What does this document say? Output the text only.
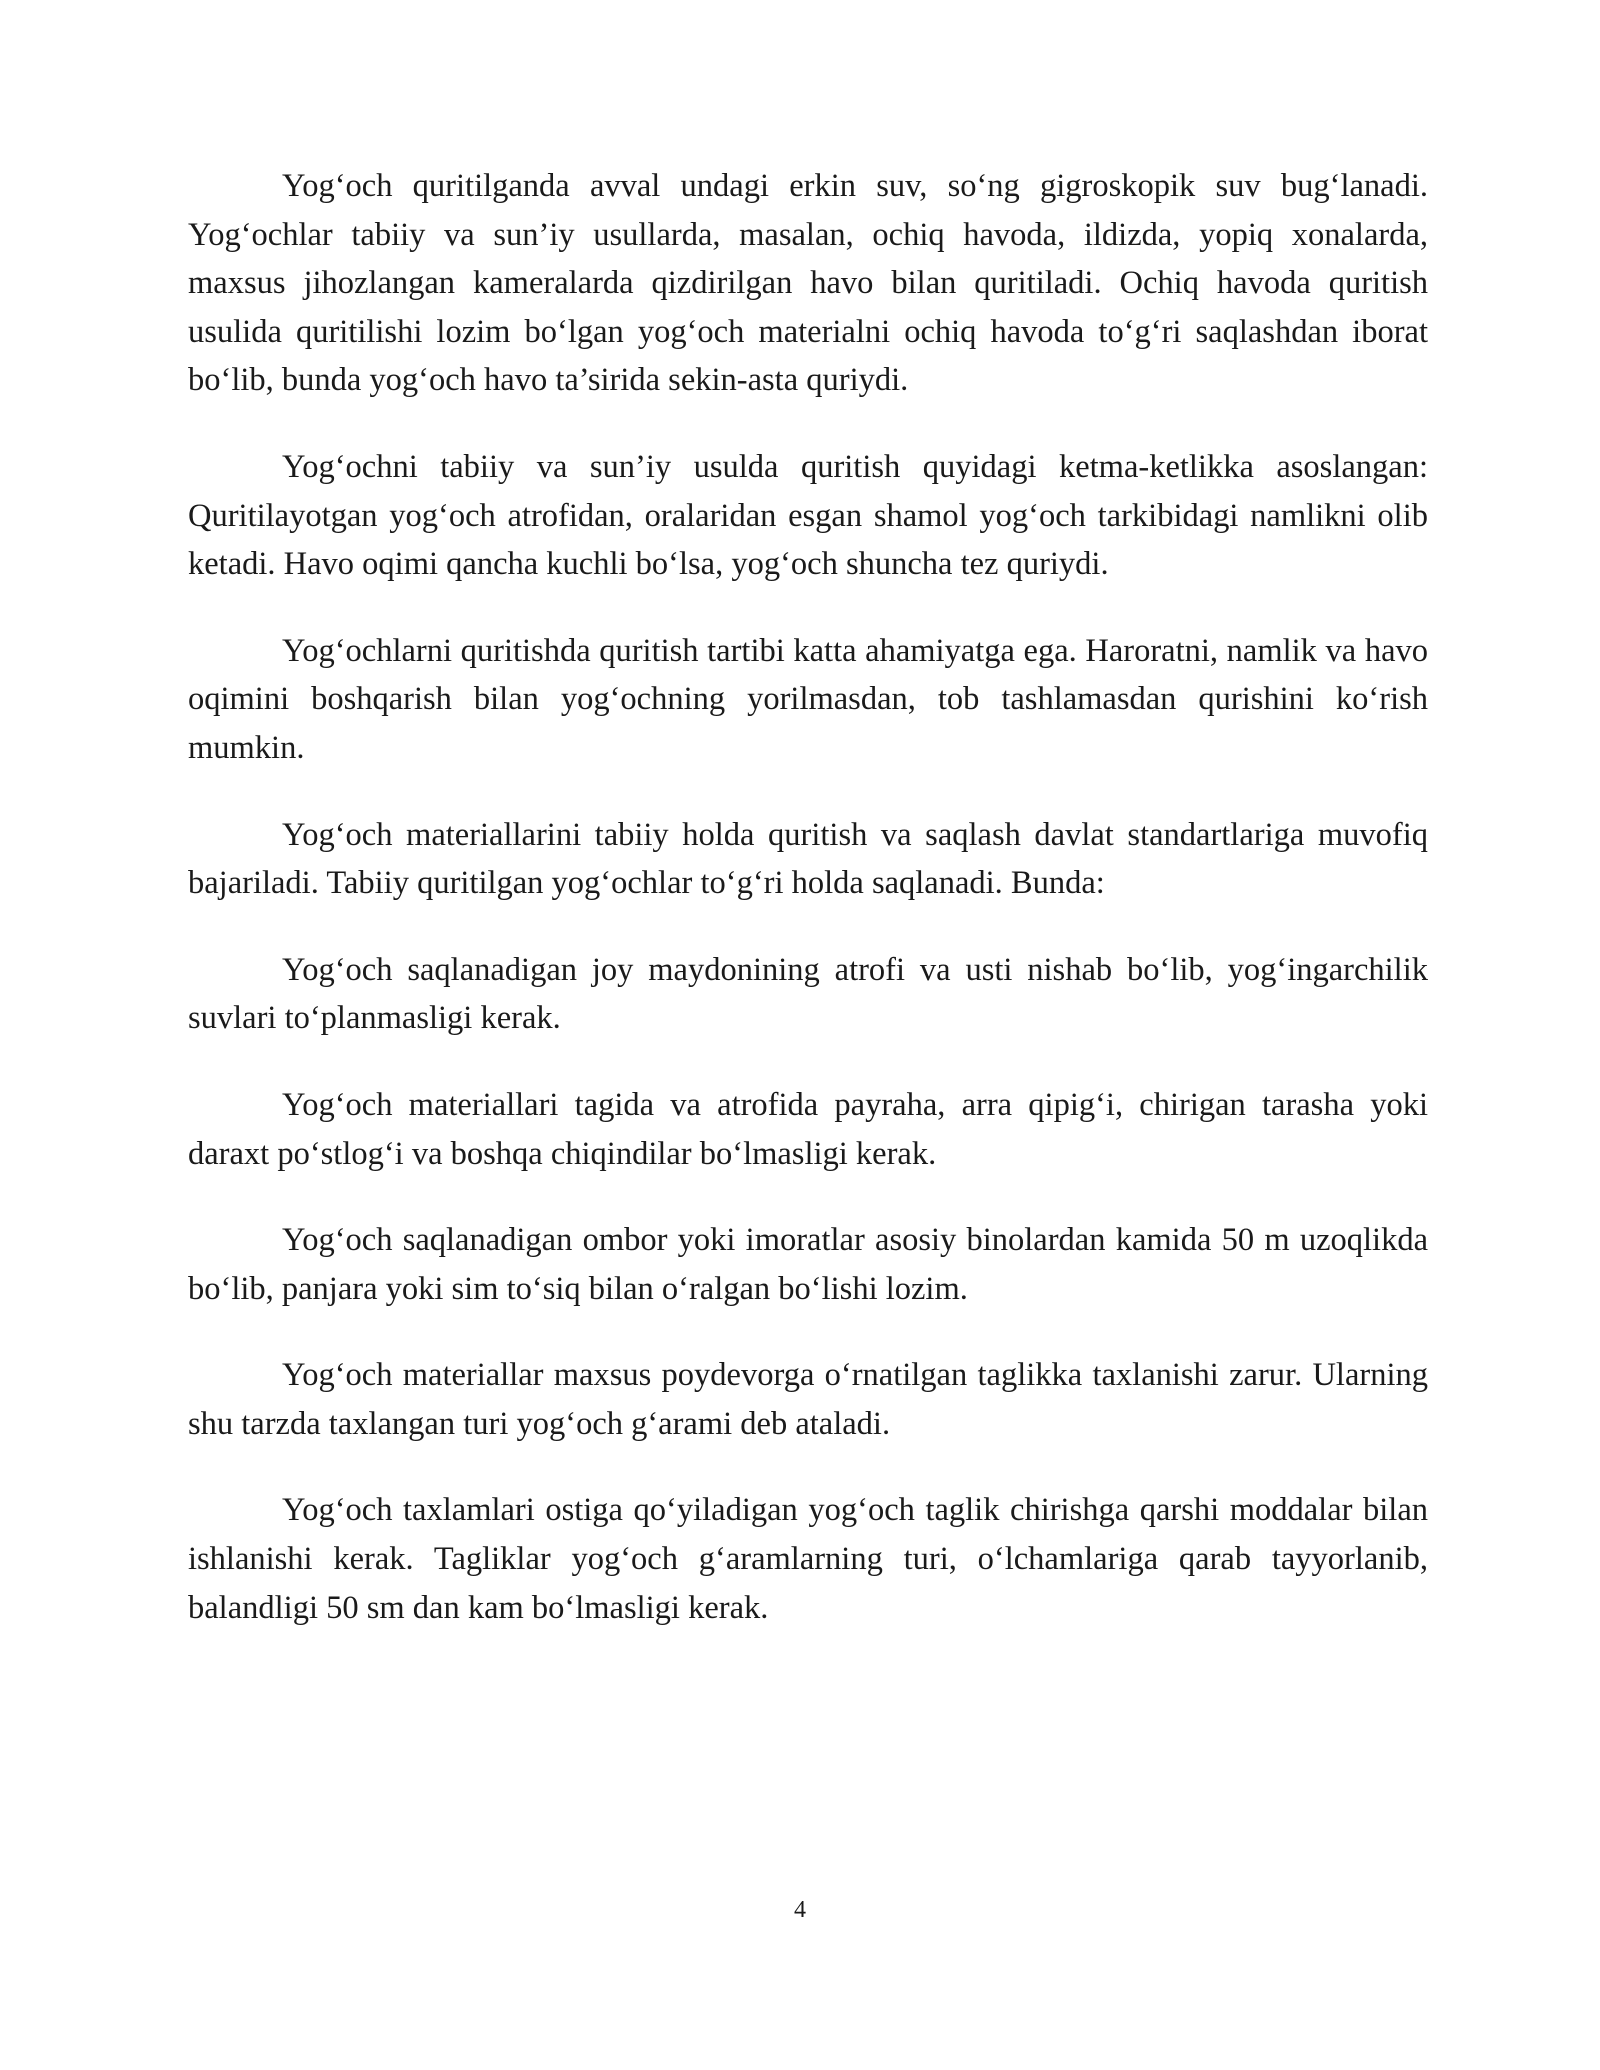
Yog‘och quritilganda avval undagi erkin suv, so‘ng gigroskopik suv bug‘lanadi. Yog‘ochlar tabiiy va sun’iy usullarda, masalan, ochiq havoda, ildizda, yopiq xonalarda, maxsus jihozlangan kameralarda qizdirilgan havo bilan quritiladi. Ochiq havoda quritish usulida quritilishi lozim bo‘lgan yog‘och materialni ochiq havoda to‘g‘ri saqlashdan iborat bo‘lib, bunda yog‘och havo ta’sirida sekin-asta quriydi.

Yog‘ochni tabiiy va sun’iy usulda quritish quyidagi ketma-ketlikka asoslangan: Quritilayotgan yog‘och atrofidan, oralaridan esgan shamol yog‘och tarkibidagi namlikni olib ketadi. Havo oqimi qancha kuchli bo‘lsa, yog‘och shuncha tez quriydi.

Yog‘ochlarni quritishda quritish tartibi katta ahamiyatga ega. Haroratni, namlik va havo oqimini boshqarish bilan yog‘ochning yorilmasdan, tob tashlamasdan qurishini ko‘rish mumkin.

Yog‘och materiallarini tabiiy holda quritish va saqlash davlat standartlariga muvofiq bajariladi. Tabiiy quritilgan yog‘ochlar to‘g‘ri holda saqlanadi. Bunda:

Yog‘och saqlanadigan joy maydonining atrofi va usti nishab bo‘lib, yog‘ingarchilik suvlari to‘planmasligi kerak.

Yog‘och materiallari tagida va atrofida payraha, arra qipig‘i, chirigan tarasha yoki daraxt po‘stlog‘i va boshqa chiqindilar bo‘lmasligi kerak.

Yog‘och saqlanadigan ombor yoki imoratlar asosiy binolardan kamida 50 m uzoqlikda bo‘lib, panjara yoki sim to‘siq bilan o‘ralgan bo‘lishi lozim.

Yog‘och materiallar maxsus poydevorga o‘rnatilgan taglikka taxlanishi zarur. Ularning shu tarzda taxlangan turi yog‘och g‘arami deb ataladi.

Yog‘och taxlamlari ostiga qo‘yiladigan yog‘och taglik chirishga qarshi moddalar bilan ishlanishi kerak. Tagliklar yog‘och g‘aramlarning turi, o‘lchamlariga qarab tayyorlanib, balandligi 50 sm dan kam bo‘lmasligi kerak.

4
